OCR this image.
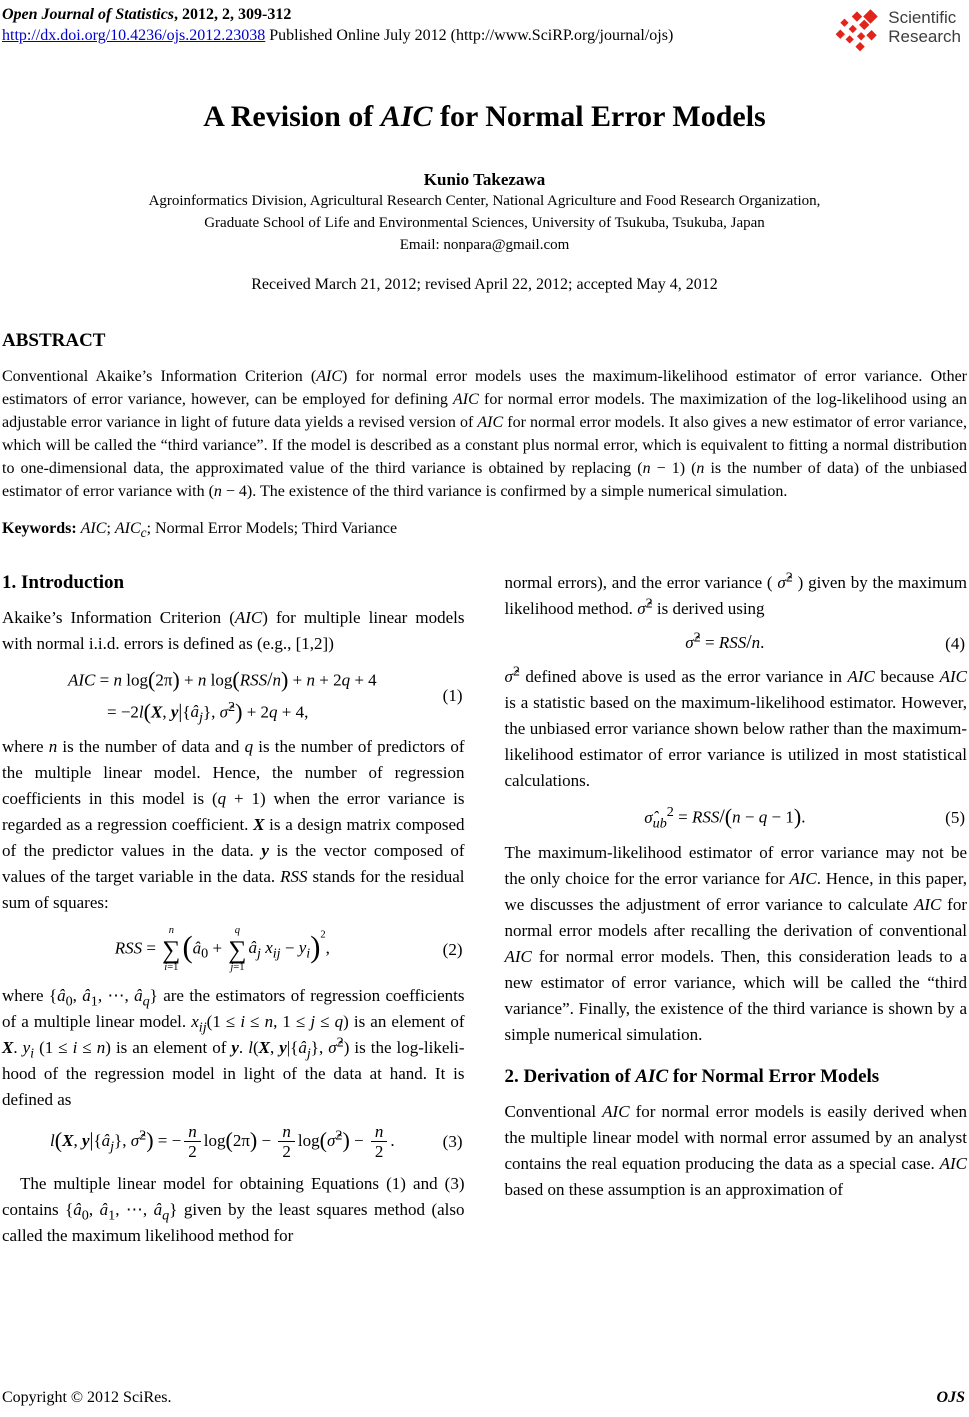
Open Journal of Statistics, 2012, 2, 309-312
http://dx.doi.org/10.4236/ojs.2012.23038 Published Online July 2012 (http://www.SciRP.org/journal/ojs)
Scientific
Research
A Revision of AIC for Normal Error Models
Kunio Takezawa
Agroinformatics Division, Agricultural Research Center, National Agriculture and Food Research Organization,
Graduate School of Life and Environmental Sciences, University of Tsukuba, Tsukuba, Japan
Email: nonpara@gmail.com
Received March 21, 2012; revised April 22, 2012; accepted May 4, 2012
ABSTRACT

Conventional Akaike’s Information Criterion (AIC) for normal error models uses the maximum-likelihood estimator of error variance. Other estimators of error variance, however, can be employed for defining AIC for normal error models. The maximization of the log-likelihood using an adjustable error variance in light of future data yields a revised version of AIC for normal error models. It also gives a new estimator of error variance, which will be called the “third variance”. If the model is described as a constant plus normal error, which is equivalent to fitting a normal distribution to one-dimensional data, the approximated value of the third variance is obtained by replacing (n − 1) (n is the number of data) of the unbiased estimator of error variance with (n − 4). The existence of the third variance is confirmed by a simple numerical simulation.

Keywords: AIC; $AIC_c$; Normal Error Models; Third Variance

1. Introduction

Akaike’s Information Criterion (AIC) for multiple linear models with normal i.i.d. errors is defined as (e.g., [1,2])

AIC = n log(2π) + n log(RSS/n) + n + 2q + 4
= −2l(X, $y|\{â_j\}$, σ̂$^2$) + 2q + 4,
(1)

where n is the number of data and q is the number of predictors of the multiple linear model. Hence, the number of regression coefficients in this model is (q + 1) when the error variance is regarded as a regression coefficient. X is a design matrix composed of the predictor values in the data. y is the vector composed of values of the target variable in the data. RSS stands for the residual sum of squares:

RSS =
n
∑
i=1
($â_0$ +
q
∑
j=1
$â_j$ $x_{ij} - y_i)^2$,	(2)

where {$â_0$, $â_1$, ⋯, $â_q$} are the estimators of regression coefficients of a multiple linear model. $x_{ij}(1 \le i \le n$, 1 ≤ j ≤ q) is an element of X. $y_i$ (1 ≤ i ≤ n) is an element of y. l(X, $y|\{â_j\}$, σ̂$^2$) is the log-likeli- hood of the regression model in light of the data at hand. It is defined as

l(X, $y|\{â_j\}$, σ̂$^2$) = − $\frac{n}{2} \log(2\pi) - \frac{n}{2}$ log(σ̂$^2$) − $\frac{n}{2}$ .	(3)

The multiple linear model for obtaining Equations (1) and (3) contains {$â_0$, $â_1$, ⋯, $â_q$} given by the least squares method (also called the maximum likelihood method for

normal errors), and the error variance ( σ̂$^2$ ) given by the maximum likelihood method. σ̂$^2$ is derived using

σ̂$^2$ = RSS/n.	(4)

σ̂$^2$ defined above is used as the error variance in AIC because AIC is a statistic based on the maximum-likelihood estimator. However, the unbiased error variance shown below rather than the maximum-likelihood estimator of error variance is utilized in most statistical calculations.

$\sigmâ_{ub}^2 = RSS/(n - q - 1)$.	(5)

The maximum-likelihood estimator of error variance may not be the only choice for the error variance for AIC. Hence, in this paper, we discusses the adjustment of error variance to calculate AIC for normal error models after recalling the derivation of conventional AIC for normal error models. Then, this consideration leads to a new estimator of error variance, which will be called the “third variance”. Finally, the existence of the third variance is shown by a simple numerical simulation.

2. Derivation of AIC for Normal Error Models

Conventional AIC for normal error models is easily derived when the multiple linear model with normal error assumed by an analyst contains the real equation producing the data as a special case. AIC based on these assumption is an approximation of

Copyright © 2012 SciRes.	OJS
